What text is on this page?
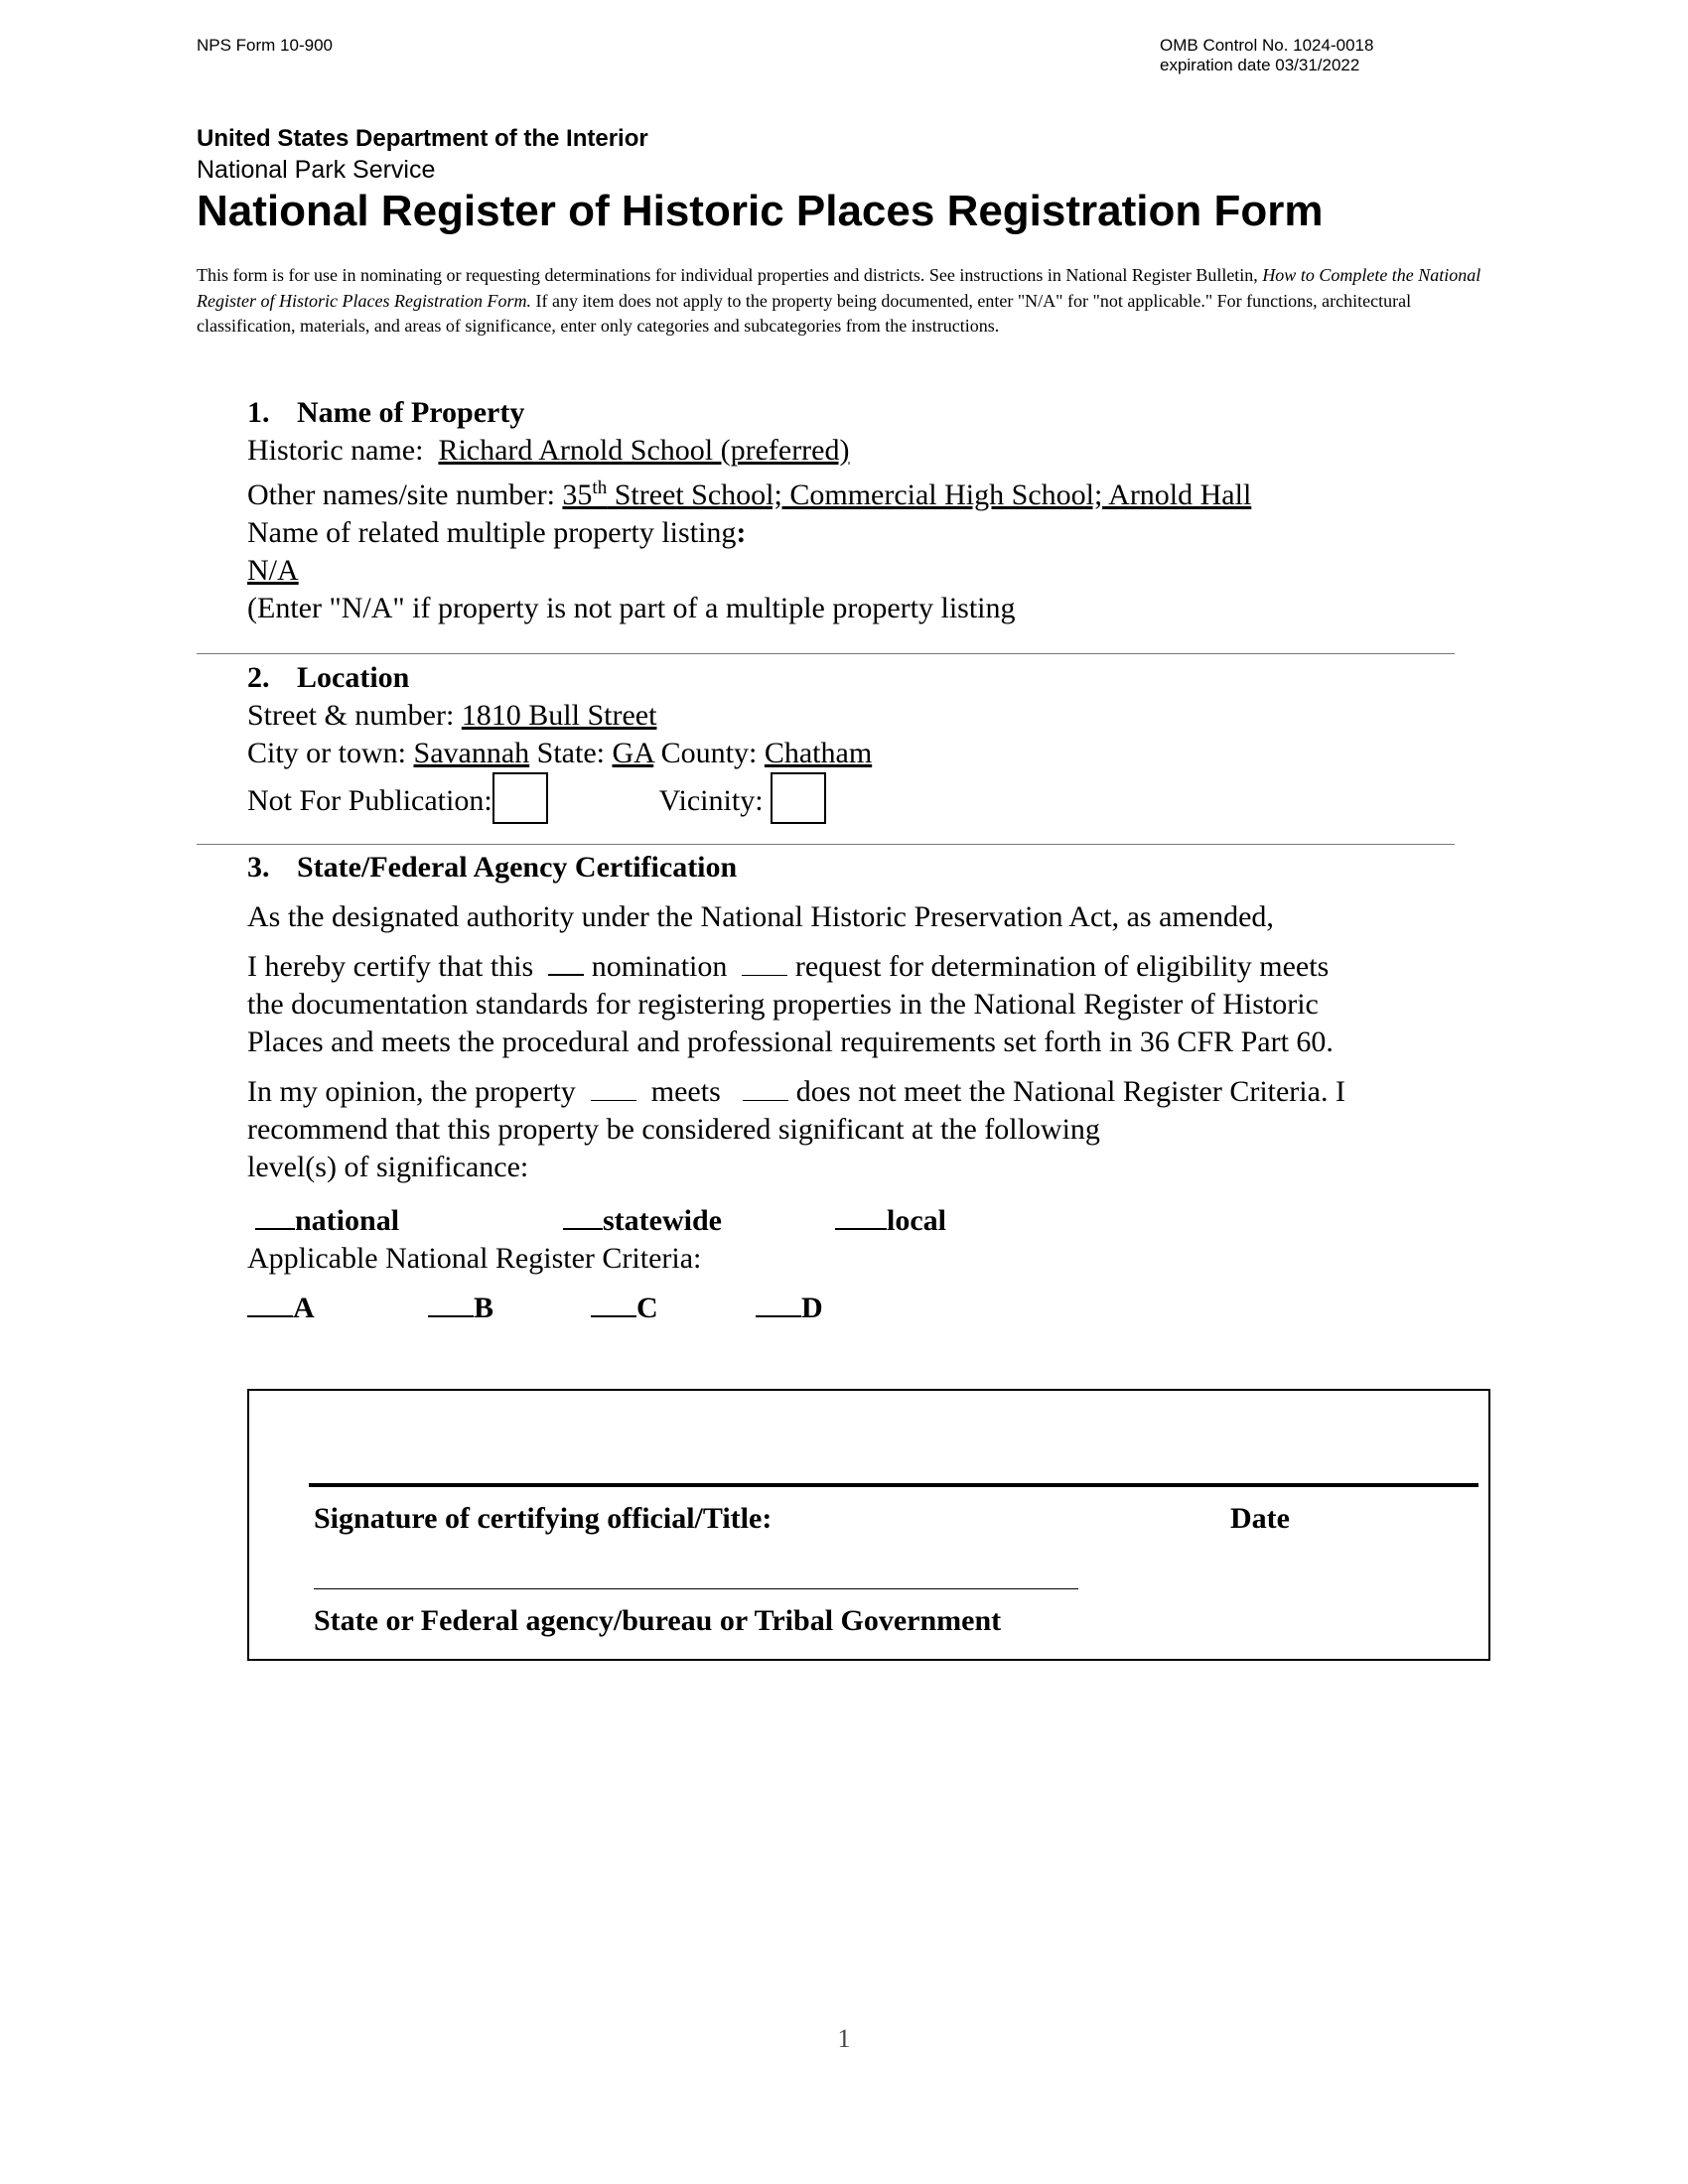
NPS Form 10-900	OMB Control No. 1024-0018
expiration date 03/31/2022
United States Department of the Interior
National Park Service
National Register of Historic Places Registration Form
This form is for use in nominating or requesting determinations for individual properties and districts. See instructions in National Register Bulletin, How to Complete the National Register of Historic Places Registration Form. If any item does not apply to the property being documented, enter "N/A" for "not applicable." For functions, architectural classification, materials, and areas of significance, enter only categories and subcategories from the instructions.
1. Name of Property
Historic name: Richard Arnold School (preferred)
Other names/site number: 35th Street School; Commercial High School; Arnold Hall
Name of related multiple property listing:
N/A
(Enter "N/A" if property is not part of a multiple property listing
2. Location
Street & number: 1810 Bull Street
City or town: Savannah State: GA County: Chatham
Not For Publication:	Vicinity:
3. State/Federal Agency Certification
As the designated authority under the National Historic Preservation Act, as amended,
I hereby certify that this nomination request for determination of eligibility meets
the documentation standards for registering properties in the National Register of Historic
Places and meets the procedural and professional requirements set forth in 36 CFR Part 60.
In my opinion, the property	meets	does not meet the National Register Criteria. I
recommend that this property be considered significant at the following
level(s) of significance:
national	statewide	local
Applicable National Register Criteria:
A	B	C	D
Signature of certifying official/Title:	Date
State or Federal agency/bureau or Tribal Government
1
